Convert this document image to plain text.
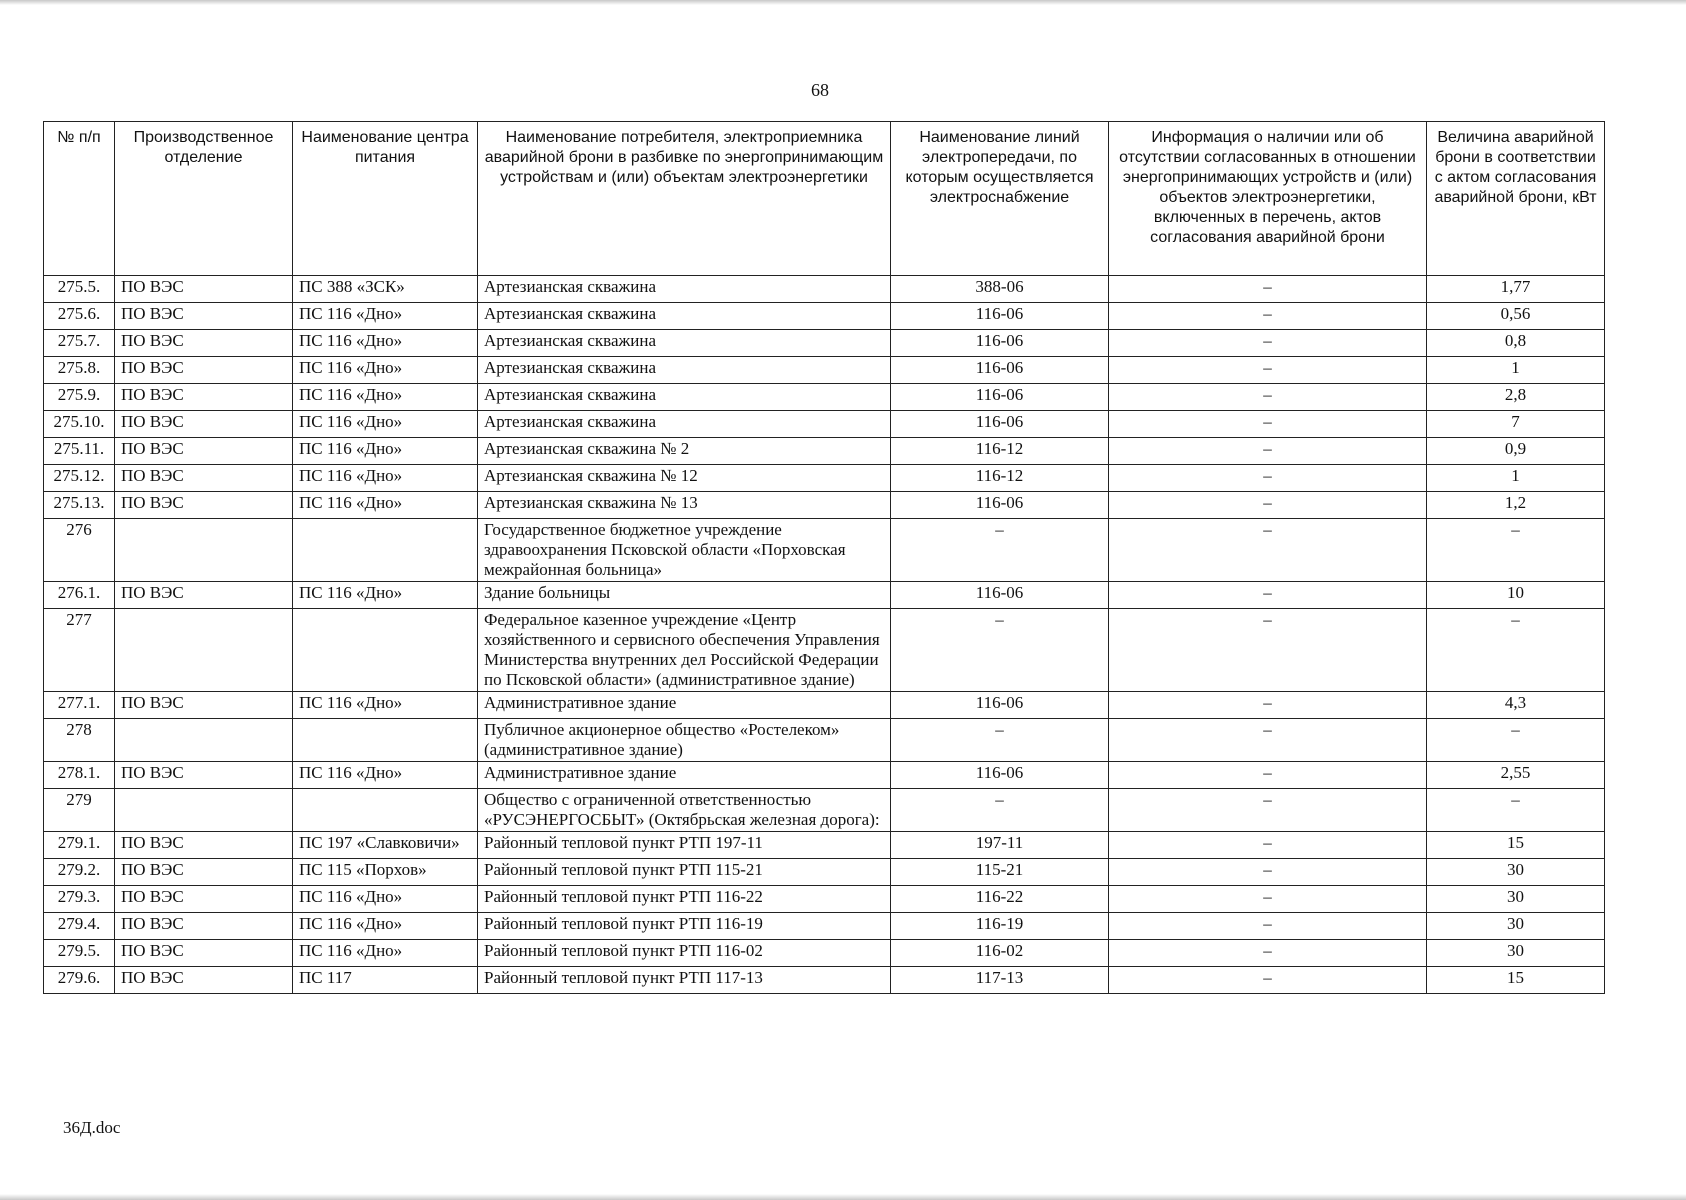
68
№ п/п	Производственное отделение	Наименование центра питания	Наименование потребителя, электроприемника аварийной брони в разбивке по энергопринимающим устройствам и (или) объектам электроэнергетики	Наименование линий электропередачи, по которым осуществляется электроснабжение	Информация о наличии или об отсутствии согласованных в отношении энергопринимающих устройств и (или) объектов электроэнергетики, включенных в перечень, актов согласования аварийной брони	Величина аварийной брони в соответствии с актом согласования аварийной брони, кВт
275.5.	ПО ВЭС	ПС 388 «ЗСК»	Артезианская скважина	388-06	–	1,77
275.6.	ПО ВЭС	ПС 116 «Дно»	Артезианская скважина	116-06	–	0,56
275.7.	ПО ВЭС	ПС 116 «Дно»	Артезианская скважина	116-06	–	0,8
275.8.	ПО ВЭС	ПС 116 «Дно»	Артезианская скважина	116-06	–	1
275.9.	ПО ВЭС	ПС 116 «Дно»	Артезианская скважина	116-06	–	2,8
275.10.	ПО ВЭС	ПС 116 «Дно»	Артезианская скважина	116-06	–	7
275.11.	ПО ВЭС	ПС 116 «Дно»	Артезианская скважина № 2	116-12	–	0,9
275.12.	ПО ВЭС	ПС 116 «Дно»	Артезианская скважина № 12	116-12	–	1
275.13.	ПО ВЭС	ПС 116 «Дно»	Артезианская скважина № 13	116-06	–	1,2
276			Государственное бюджетное учреждение здравоохранения Псковской области «Порховская межрайонная больница»	–	–	–
276.1.	ПО ВЭС	ПС 116 «Дно»	Здание больницы	116-06	–	10
277			Федеральное казенное учреждение «Центр хозяйственного и сервисного обеспечения Управления Министерства внутренних дел Российской Федерации по Псковской области» (административное здание)	–	–	–
277.1.	ПО ВЭС	ПС 116 «Дно»	Административное здание	116-06	–	4,3
278			Публичное акционерное общество «Ростелеком» (административное здание)	–	–	–
278.1.	ПО ВЭС	ПС 116 «Дно»	Административное здание	116-06	–	2,55
279			Общество с ограниченной ответственностью «РУСЭНЕРГОСБЫТ» (Октябрьская железная дорога):	–	–	–
279.1.	ПО ВЭС	ПС 197 «Славковичи»	Районный тепловой пункт РТП 197-11	197-11	–	15
279.2.	ПО ВЭС	ПС 115 «Порхов»	Районный тепловой пункт РТП 115-21	115-21	–	30
279.3.	ПО ВЭС	ПС 116 «Дно»	Районный тепловой пункт РТП 116-22	116-22	–	30
279.4.	ПО ВЭС	ПС 116 «Дно»	Районный тепловой пункт РТП 116-19	116-19	–	30
279.5.	ПО ВЭС	ПС 116 «Дно»	Районный тепловой пункт РТП 116-02	116-02	–	30
279.6.	ПО ВЭС	ПС 117	Районный тепловой пункт РТП 117-13	117-13	–	15
36Д.doc
